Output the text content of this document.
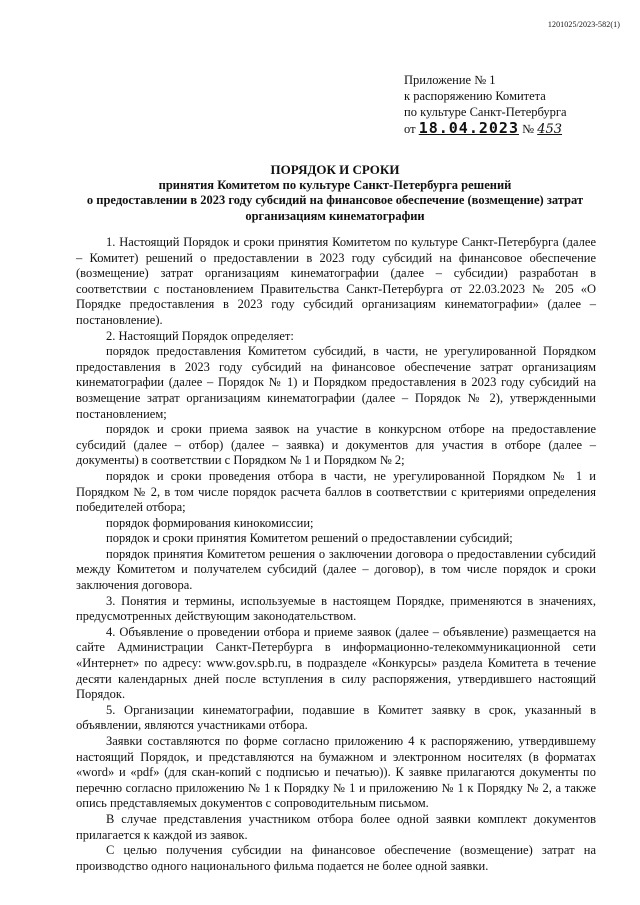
1201025/2023-582(1)
Приложение № 1
к распоряжению Комитета
по культуре Санкт-Петербурга
от 18.04.2023 № 453
ПОРЯДОК И СРОКИ
принятия Комитетом по культуре Санкт-Петербурга решений
о предоставлении в 2023 году субсидий на финансовое обеспечение (возмещение) затрат
организациям кинематографии

1. Настоящий Порядок и сроки принятия Комитетом по культуре Санкт-Петербурга (далее – Комитет) решений о предоставлении в 2023 году субсидий на финансовое обеспечение (возмещение) затрат организациям кинематографии (далее – субсидии) разработан в соответствии с постановлением Правительства Санкт-Петербурга от 22.03.2023 № 205 «О Порядке предоставления в 2023 году субсидий организациям кинематографии» (далее – постановление).

2. Настоящий Порядок определяет:

порядок предоставления Комитетом субсидий, в части, не урегулированной Порядком предоставления в 2023 году субсидий на финансовое обеспечение затрат организациям кинематографии (далее – Порядок № 1) и Порядком предоставления в 2023 году субсидий на возмещение затрат организациям кинематографии (далее – Порядок № 2), утвержденными постановлением;

порядок и сроки приема заявок на участие в конкурсном отборе на предоставление субсидий (далее – отбор) (далее – заявка) и документов для участия в отборе (далее – документы) в соответствии с Порядком № 1 и Порядком № 2;

порядок и сроки проведения отбора в части, не урегулированной Порядком № 1 и Порядком № 2, в том числе порядок расчета баллов в соответствии с критериями определения победителей отбора;

порядок формирования кинокомиссии;

порядок и сроки принятия Комитетом решений о предоставлении субсидий;

порядок принятия Комитетом решения о заключении договора о предоставлении субсидий между Комитетом и получателем субсидий (далее – договор), в том числе порядок и сроки заключения договора.

3. Понятия и термины, используемые в настоящем Порядке, применяются в значениях, предусмотренных действующим законодательством.

4. Объявление о проведении отбора и приеме заявок (далее – объявление) размещается на сайте Администрации Санкт-Петербурга в информационно-телекоммуникационной сети «Интернет» по адресу: www.gov.spb.ru, в подразделе «Конкурсы» раздела Комитета в течение десяти календарных дней после вступления в силу распоряжения, утвердившего настоящий Порядок.

5. Организации кинематографии, подавшие в Комитет заявку в срок, указанный в объявлении, являются участниками отбора.

Заявки составляются по форме согласно приложению 4 к распоряжению, утвердившему настоящий Порядок, и представляются на бумажном и электронном носителях (в форматах «word» и «pdf» (для скан-копий с подписью и печатью)). К заявке прилагаются документы по перечню согласно приложению № 1 к Порядку № 1 и приложению № 1 к Порядку № 2, а также опись представляемых документов с сопроводительным письмом.

В случае представления участником отбора более одной заявки комплект документов прилагается к каждой из заявок.

С целью получения субсидии на финансовое обеспечение (возмещение) затрат на производство одного национального фильма подается не более одной заявки.
